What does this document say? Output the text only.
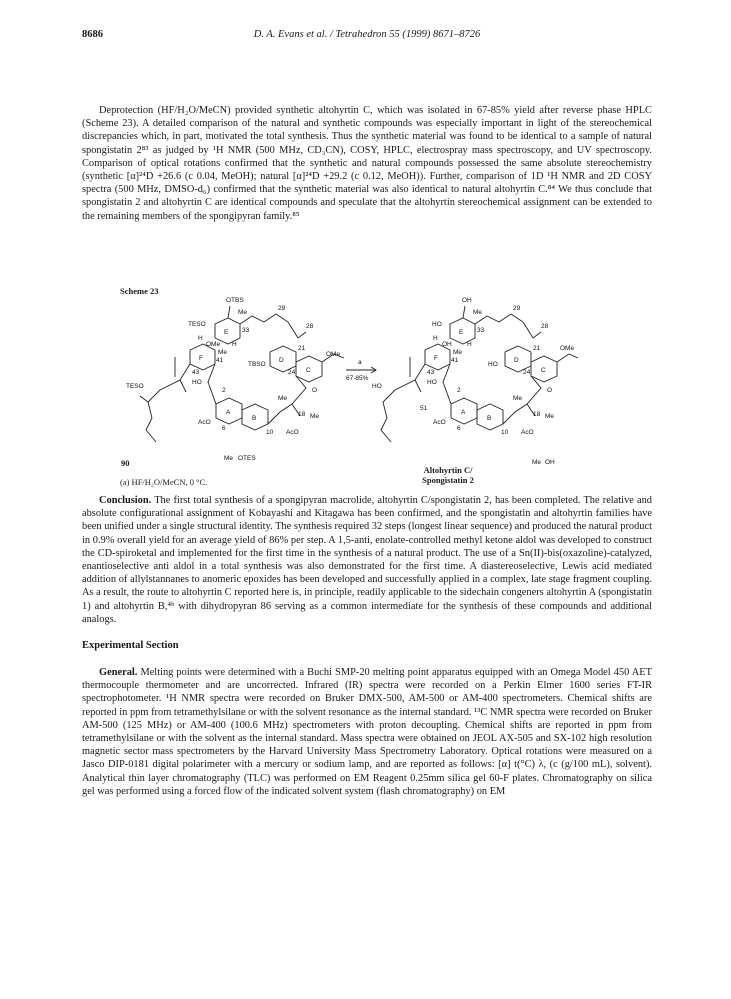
8686	D. A. Evans et al. / Tetrahedron 55 (1999) 8671–8726

Deprotection (HF/H₂O/MeCN) provided synthetic altohyrtin C, which was isolated in 67-85% yield after reverse phase HPLC (Scheme 23). A detailed comparison of the natural and synthetic compounds was especially important in light of the stereochemical discrepancies which, in part, motivated the total synthesis. Thus the synthetic material was found to be identical to a sample of natural spongistatin 2⁸³ as judged by ¹H NMR (500 MHz, CD₃CN), COSY, HPLC, electrospray mass spectroscopy, and UV spectroscopy. Comparison of optical rotations confirmed that the synthetic and natural compounds possessed the same absolute stereochemistry (synthetic [α]²⁴D +26.6 (c 0.04, MeOH); natural [α]²⁴D +29.2 (c 0.12, MeOH)). Further, comparison of 1D ¹H NMR and 2D COSY spectra (500 MHz, DMSO-d₆) confirmed that the synthetic material was also identical to natural altohyrtin C.⁸⁴ We thus conclude that spongistatin 2 and altohyrtin C are identical compounds and speculate that the altohyrtin stereochemical assignment can be extended to the remaining members of the spongipyran family.⁸⁵

Scheme 23
OTBS
Me
TESO
E 33
29
28
H
OMe H
Me
F 41
TBSO
D
21
OMe
24 C
43
TESO
HO
2	O
Me
A
AcO
B
6
10
18 Me
AcO
Me OTES
a
67-85%
OH
Me
HO
E 33
29
28
H
OH H
Me
F 41
HO
D
21	OMe
24 C
43
HO
HO
2	O
Me
51
A
AcO
B
6
10
18 Me
AcO
Me OH
90
Altohyrtin C/
Spongistatin 2
(a) HF/H₂O/MeCN, 0 °C.

Conclusion. The first total synthesis of a spongipyran macrolide, altohyrtin C/spongistatin 2, has been completed. The relative and absolute configurational assignment of Kobayashi and Kitagawa has been confirmed, and the spongistatin and altohyrtin families have been unified under a single structural identity. The synthesis required 32 steps (longest linear sequence) and produced the natural product in 0.9% overall yield for an average yield of 86% per step. A 1,5-anti, enolate-controlled methyl ketone aldol was developed to construct the CD-spiroketal and implemented for the first time in the synthesis of a natural product. The use of a Sn(II)-bis(oxazoline)-catalyzed, enantioselective anti aldol in a total synthesis was also demonstrated for the first time. A diastereoselective, Lewis acid mediated addition of allylstannanes to anomeric epoxides has been developed and successfully applied in a complex, late stage fragment coupling. As a result, the route to altohyrtin C reported here is, in principle, readily applicable to the sidechain congeners altohyrtin A (spongistatin 1) and altohyrtin B,⁴ᵇ with dihydropyran 86 serving as a common intermediate for the synthesis of these compounds and additional analogs.

Experimental Section

General. Melting points were determined with a Buchi SMP-20 melting point apparatus equipped with an Omega Model 450 AET thermocouple thermometer and are uncorrected. Infrared (IR) spectra were recorded on a Perkin Elmer 1600 series FT-IR spectrophotometer. ¹H NMR spectra were recorded on Bruker DMX-500, AM-500 or AM-400 spectrometers. Chemical shifts are reported in ppm from tetramethylsilane or with the solvent resonance as the internal standard. ¹³C NMR spectra were recorded on Bruker AM-500 (125 MHz) or AM-400 (100.6 MHz) spectrometers with proton decoupling. Chemical shifts are reported in ppm from tetramethylsilane or with the solvent as the internal standard. Mass spectra were obtained on JEOL AX-505 and SX-102 high resolution magnetic sector mass spectrometers by the Harvard University Mass Spectrometry Laboratory. Optical rotations were measured on a Jasco DIP-0181 digital polarimeter with a mercury or sodium lamp, and are reported as follows: [α] t(°C) λ, (c (g/100 mL), solvent). Analytical thin layer chromatography (TLC) was performed on EM Reagent 0.25mm silica gel 60-F plates. Chromatography on silica gel was performed using a forced flow of the indicated solvent system (flash chromatography) on EM
